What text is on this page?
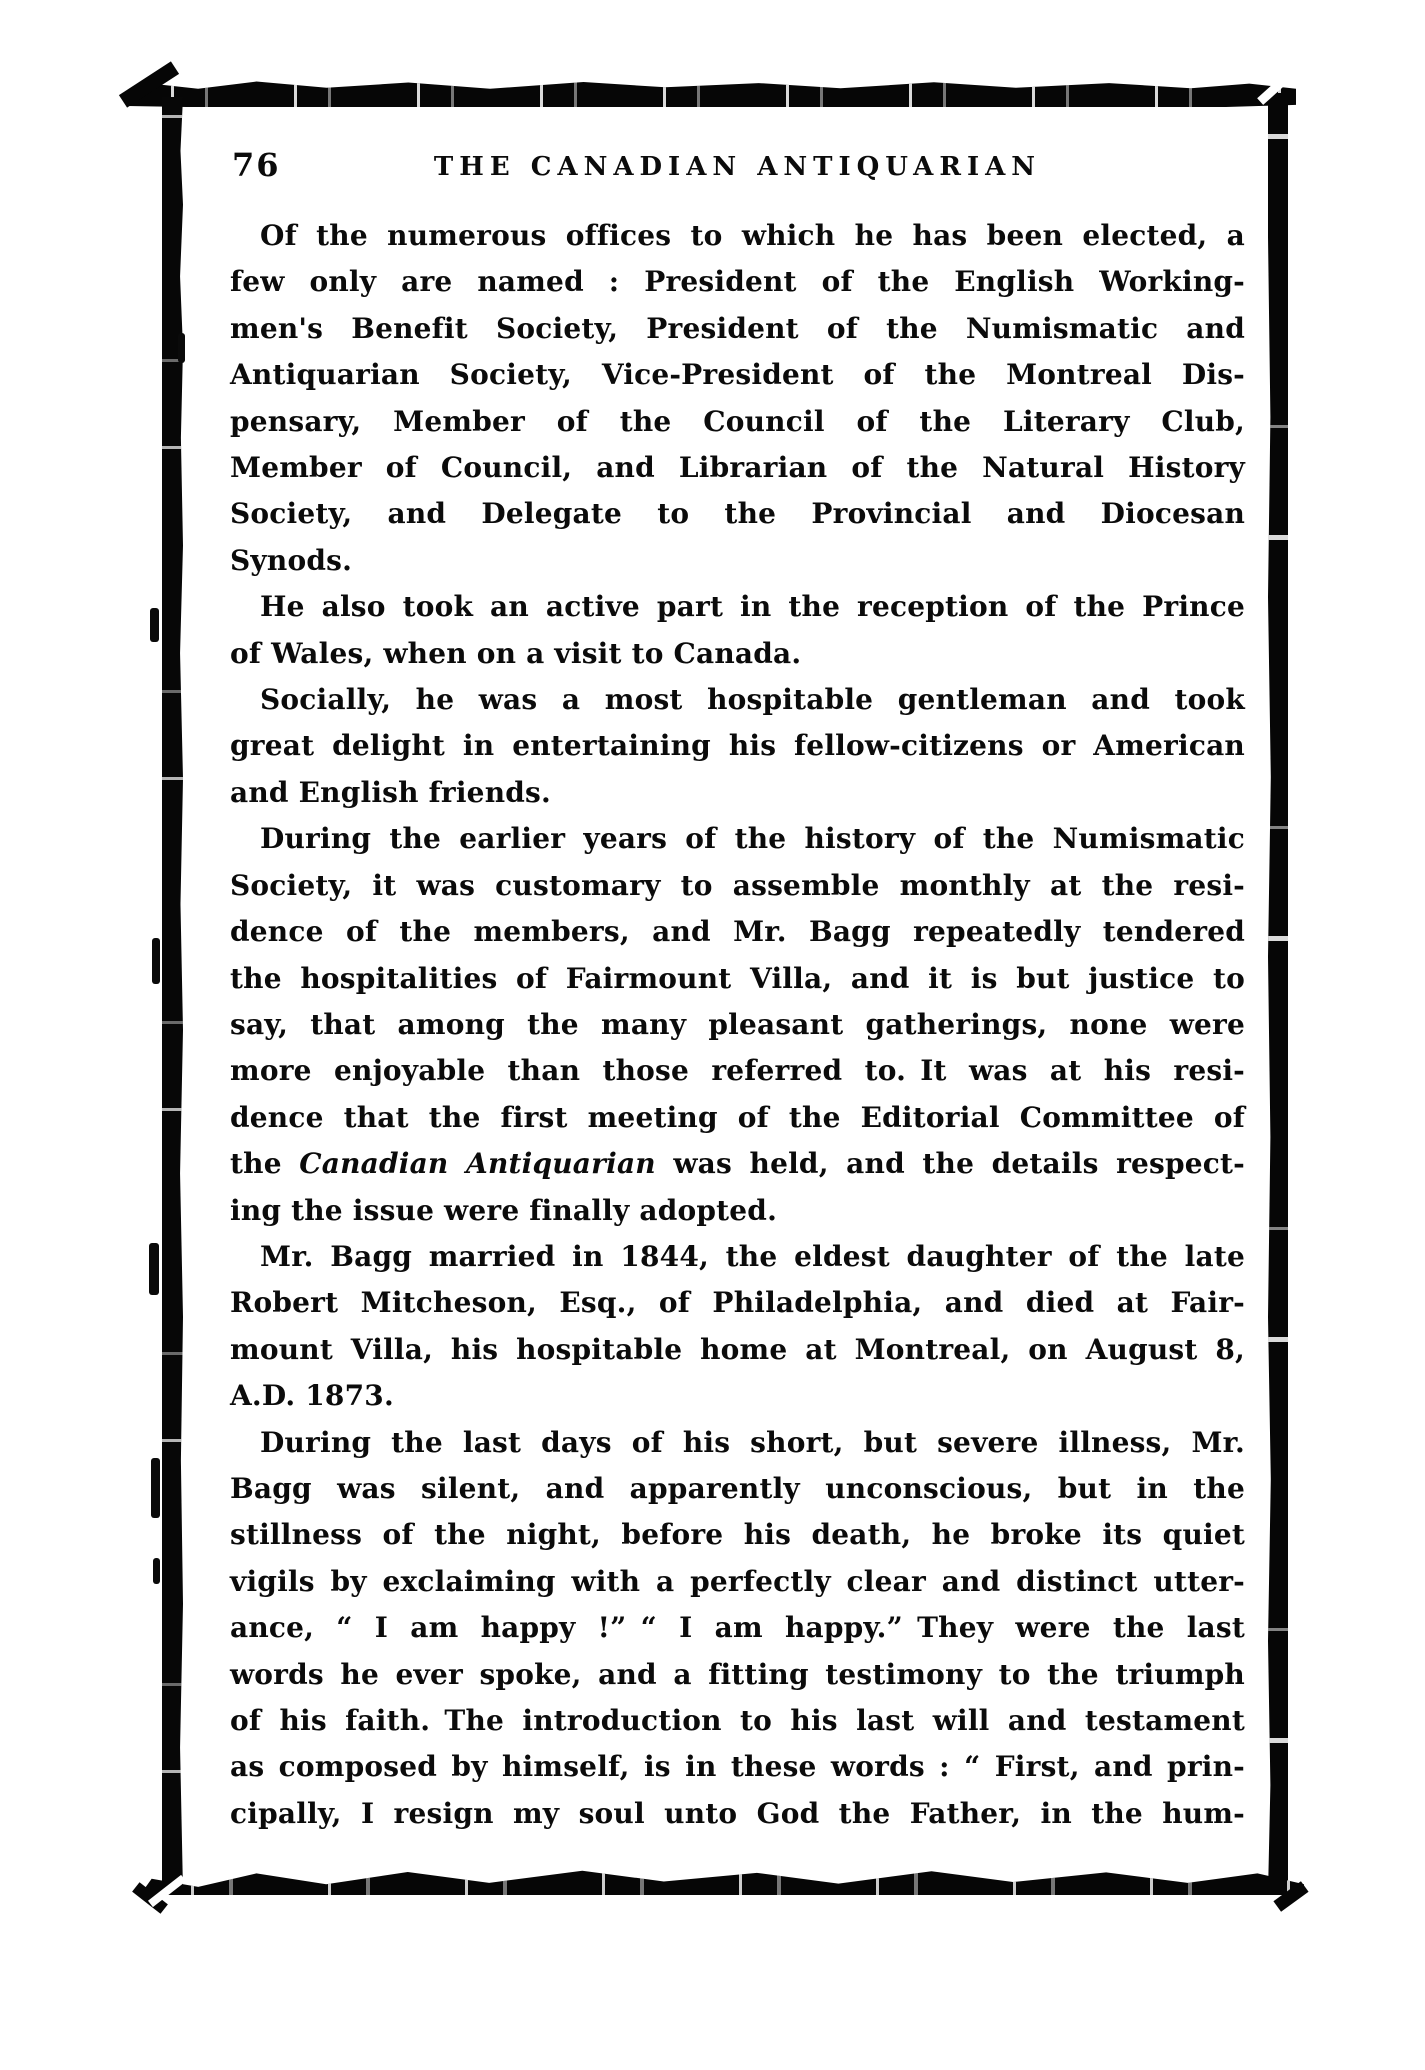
76	THE CANADIAN ANTIQUARIAN
Of the numerous offices to which he has been elected, a
few only are named : President of the English Working-
men's Benefit Society, President of the Numismatic and
Antiquarian Society, Vice-President of the Montreal Dis-
pensary, Member of the Council of the Literary Club,
Member of Council, and Librarian of the Natural History
Society, and Delegate to the Provincial and Diocesan
Synods.
He also took an active part in the reception of the Prince
of Wales, when on a visit to Canada.
Socially, he was a most hospitable gentleman and took
great delight in entertaining his fellow-citizens or American
and English friends.
During the earlier years of the history of the Numismatic
Society, it was customary to assemble monthly at the resi-
dence of the members, and Mr. Bagg repeatedly tendered
the hospitalities of Fairmount Villa, and it is but justice to
say, that among the many pleasant gatherings, none were
more enjoyable than those referred to. It was at his resi-
dence that the first meeting of the Editorial Committee of
the Canadian Antiquarian was held, and the details respect-
ing the issue were finally adopted.
Mr. Bagg married in 1844, the eldest daughter of the late
Robert Mitcheson, Esq., of Philadelphia, and died at Fair-
mount Villa, his hospitable home at Montreal, on August 8,
A.D. 1873.
During the last days of his short, but severe illness, Mr.
Bagg was silent, and apparently unconscious, but in the
stillness of the night, before his death, he broke its quiet
vigils by exclaiming with a perfectly clear and distinct utter-
ance, “ I am happy !” “ I am happy.” They were the last
words he ever spoke, and a fitting testimony to the triumph
of his faith. The introduction to his last will and testament
as composed by himself, is in these words : “ First, and prin-
cipally, I resign my soul unto God the Father, in the hum-
